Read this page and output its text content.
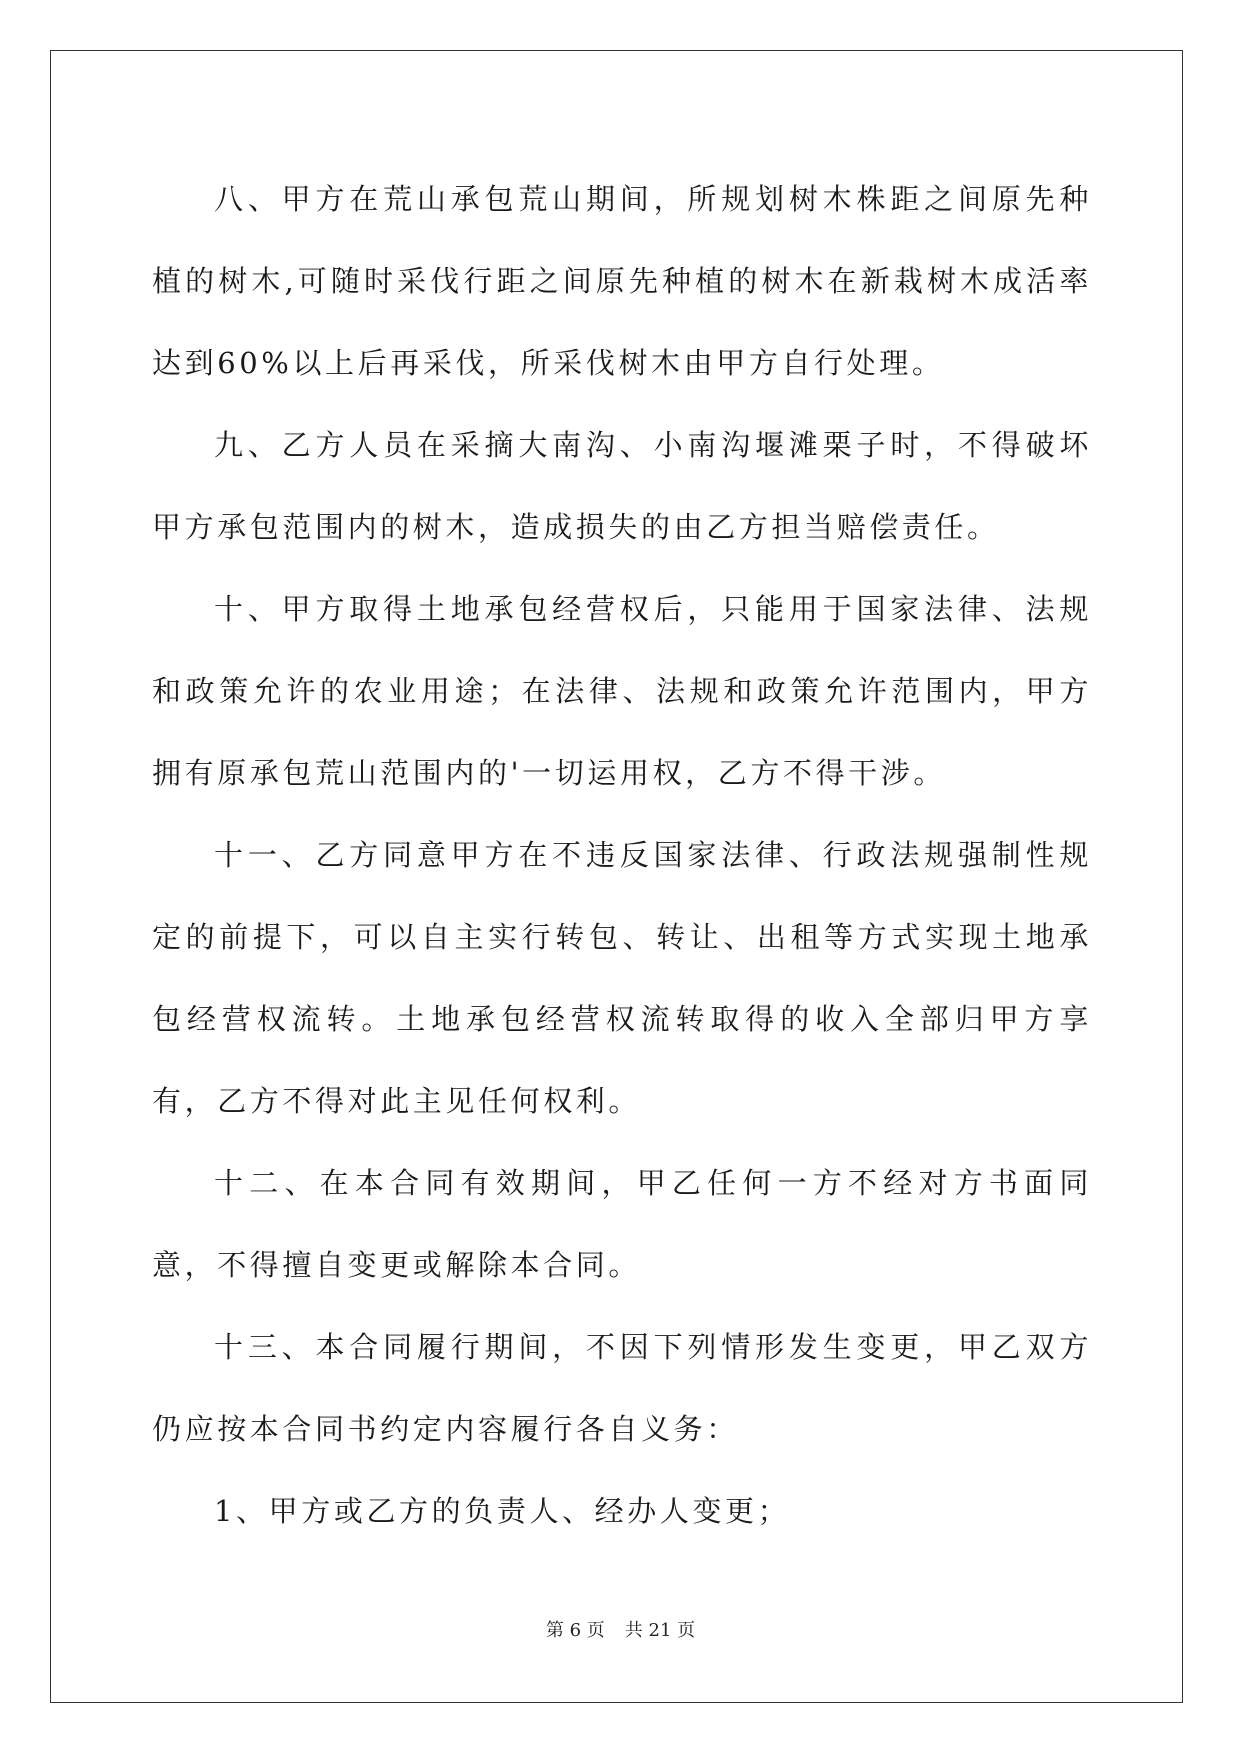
八、甲方在荒山承包荒山期间，所规划树木株距之间原先种植的树木,可随时采伐行距之间原先种植的树木在新栽树木成活率达到60%以上后再采伐，所采伐树木由甲方自行处理。

九、乙方人员在采摘大南沟、小南沟堰滩栗子时，不得破坏甲方承包范围内的树木，造成损失的由乙方担当赔偿责任。

十、甲方取得土地承包经营权后，只能用于国家法律、法规和政策允许的农业用途；在法律、法规和政策允许范围内，甲方拥有原承包荒山范围内的'一切运用权，乙方不得干涉。

十一、乙方同意甲方在不违反国家法律、行政法规强制性规定的前提下，可以自主实行转包、转让、出租等方式实现土地承包经营权流转。土地承包经营权流转取得的收入全部归甲方享有，乙方不得对此主见任何权利。

十二、在本合同有效期间，甲乙任何一方不经对方书面同意，不得擅自变更或解除本合同。

十三、本合同履行期间，不因下列情形发生变更，甲乙双方仍应按本合同书约定内容履行各自义务：

1、甲方或乙方的负责人、经办人变更；

第 6 页 共 21 页
